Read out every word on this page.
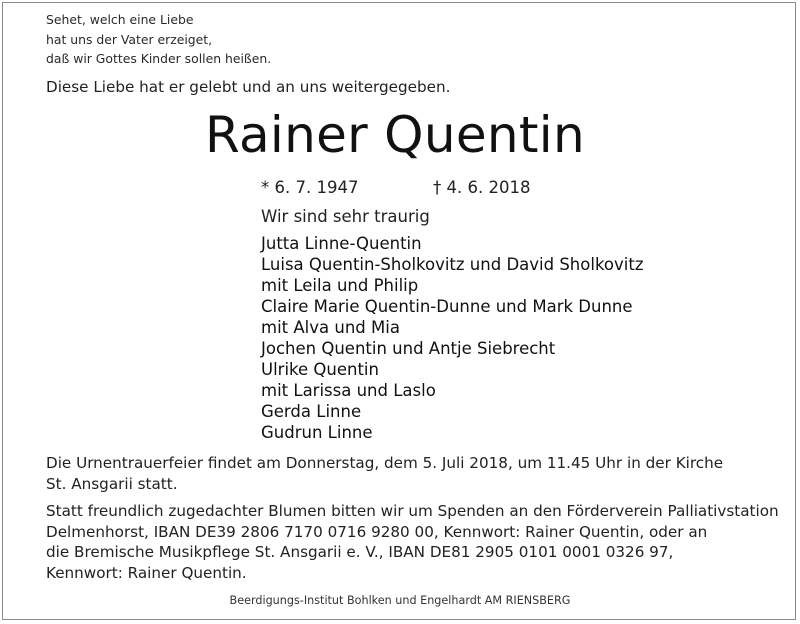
Sehet, welch eine Liebe
hat uns der Vater erzeiget,
daß wir Gottes Kinder sollen heißen.
Diese Liebe hat er gelebt und an uns weitergegeben.
Rainer Quentin
* 6. 7. 1947	† 4. 6. 2018
Wir sind sehr traurig
Jutta Linne-Quentin
Luisa Quentin-Sholkovitz und David Sholkovitz
mit Leila und Philip
Claire Marie Quentin-Dunne und Mark Dunne
mit Alva und Mia
Jochen Quentin und Antje Siebrecht
Ulrike Quentin
mit Larissa und Laslo
Gerda Linne
Gudrun Linne
Die Urnentrauerfeier findet am Donnerstag, dem 5. Juli 2018, um 11.45 Uhr in der Kirche
St. Ansgarii statt.
Statt freundlich zugedachter Blumen bitten wir um Spenden an den Förderverein Palliativstation
Delmenhorst, IBAN DE39 2806 7170 0716 9280 00, Kennwort: Rainer Quentin, oder an
die Bremische Musikpflege St. Ansgarii e. V., IBAN DE81 2905 0101 0001 0326 97,
Kennwort: Rainer Quentin.
Beerdigungs-Institut Bohlken und Engelhardt AM RIENSBERG
